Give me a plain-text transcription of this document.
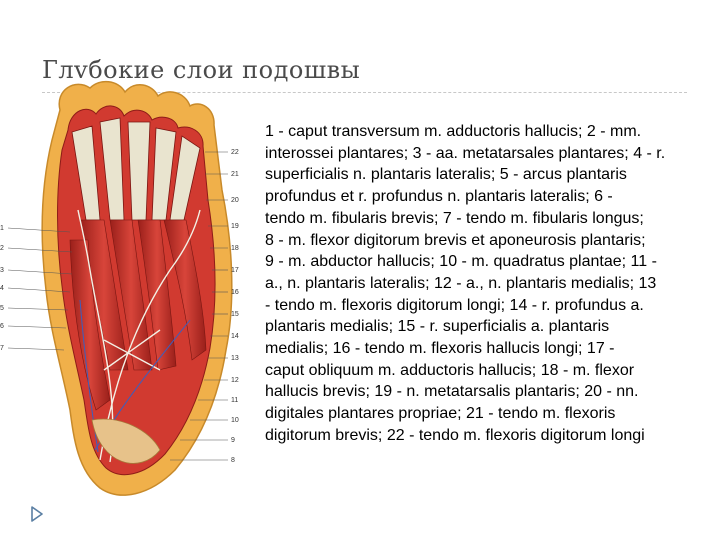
Глvбокие слои подошвы
1
2
3
4
5
6
7
22
21
20
19
18
17
16
15
14
13
12
11
10
9
8

1 - caput transversum m. adductoris hallucis; 2 - mm.
interossei plantares; 3 - aa. metatarsales plantares; 4 - r.
superficialis n. plantaris lateralis; 5 - arcus plantaris
profundus et r. profundus n. plantaris lateralis; 6 -
tendo m. fibularis brevis; 7 - tendo m. fibularis longus;
8 - m. flexor digitorum brevis et aponeurosis plantaris;
9 - m. abductor hallucis; 10 - m. quadratus plantae; 11 -
a., n. plantaris lateralis; 12 - a., n. plantaris medialis; 13
- tendo m. flexoris digitorum longi; 14 - r. profundus a.
plantaris medialis; 15 - r. superficialis a. plantaris
medialis; 16 - tendo m. flexoris hallucis longi; 17 -
caput obliquum m. adductoris hallucis; 18 - m. flexor
hallucis brevis; 19 - n. metatarsalis plantaris; 20 - nn.
digitales plantares propriae; 21 - tendo m. flexoris
digitorum brevis; 22 - tendo m. flexoris digitorum longi
